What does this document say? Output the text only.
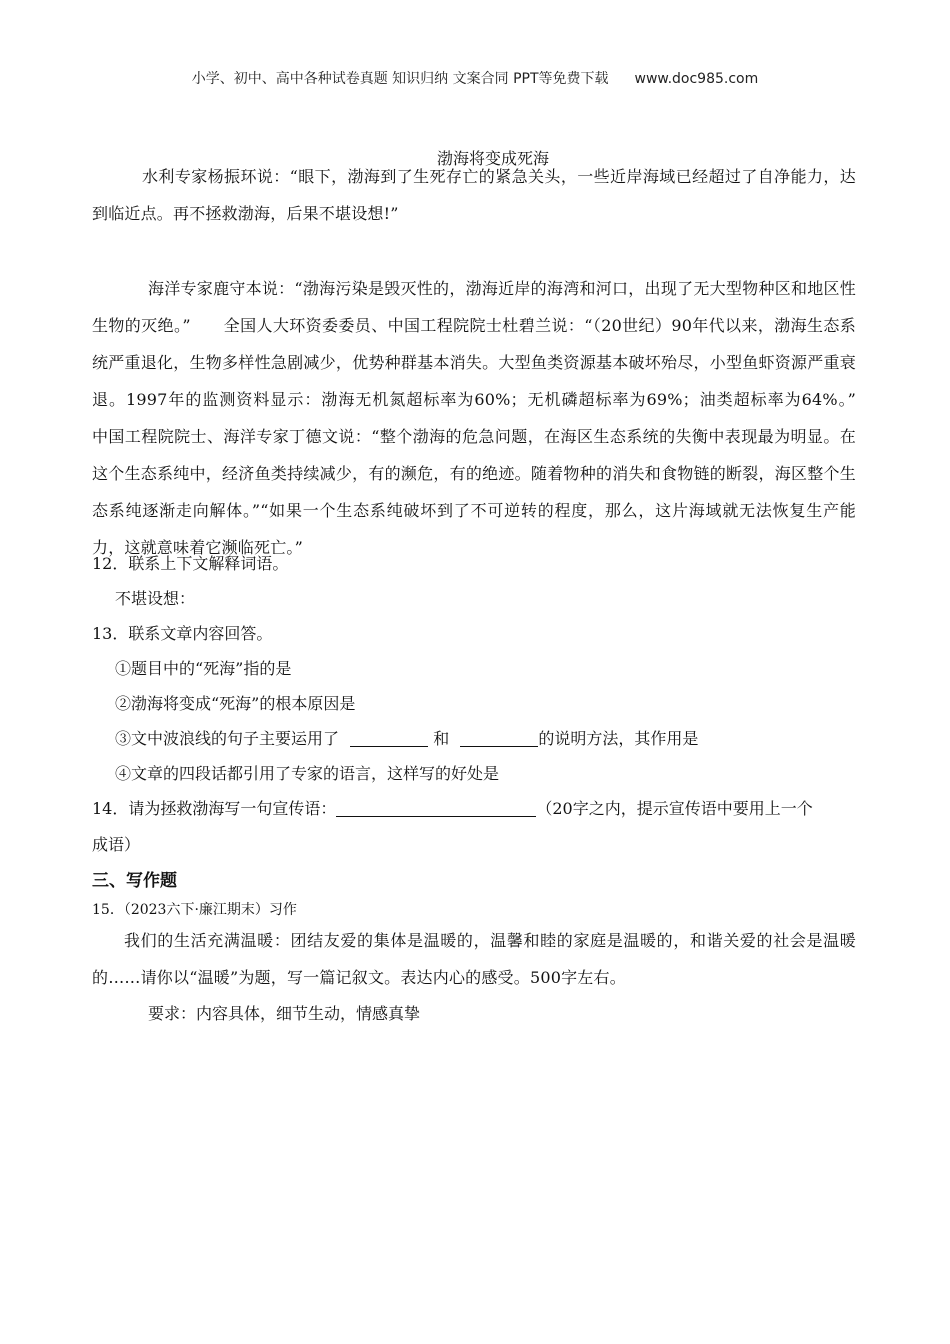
小学、初中、高中各种试卷真题 知识归纳 文案合同 PPT等免费下载 www.doc985.com
渤海将变成死海
水利专家杨振环说：“眼下，渤海到了生死存亡的紧急关头，一些近岸海域已经超过了自净能力，达到临近点。再不拯救渤海，后果不堪设想!”
海洋专家鹿守本说：“渤海污染是毁灭性的，渤海近岸的海湾和河口，出现了无大型物种区和地区性生物的灭绝。”　　全国人大环资委委员、中国工程院院士杜碧兰说：“（20世纪）90年代以来，渤海生态系统严重退化，生物多样性急剧减少，优势种群基本消失。大型鱼类资源基本破坏殆尽，小型鱼虾资源严重衰退。1997年的监测资料显示：渤海无机氮超标率为60%；无机磷超标率为69%；油类超标率为64%。”　　中国工程院院士、海洋专家丁德文说：“整个渤海的危急问题，在海区生态系统的失衡中表现最为明显。在这个生态系纯中，经济鱼类持续减少，有的濒危，有的绝迹。随着物种的消失和食物链的断裂，海区整个生态系纯逐渐走向解体。”“如果一个生态系纯破坏到了不可逆转的程度，那么，这片海域就无法恢复生产能力，这就意味着它濒临死亡。”
12．联系上下文解释词语。
不堪设想：
13．联系文章内容回答。
①题目中的“死海”指的是
②渤海将变成“死海”的根本原因是
③文中波浪线的句子主要运用了	和	的说明方法，其作用是
④文章的四段话都引用了专家的语言，这样写的好处是
14．请为拯救渤海写一句宣传语：	（20字之内，提示宣传语中要用上一个
成语）
三、写作题
15．（2023六下·廉江期末）习作
我们的生活充满温暖：团结友爱的集体是温暖的，温馨和睦的家庭是温暖的，和谐关爱的社会是温暖的……请你以“温暖”为题，写一篇记叙文。表达内心的感受。500字左右。
要求：内容具体，细节生动，情感真挚
